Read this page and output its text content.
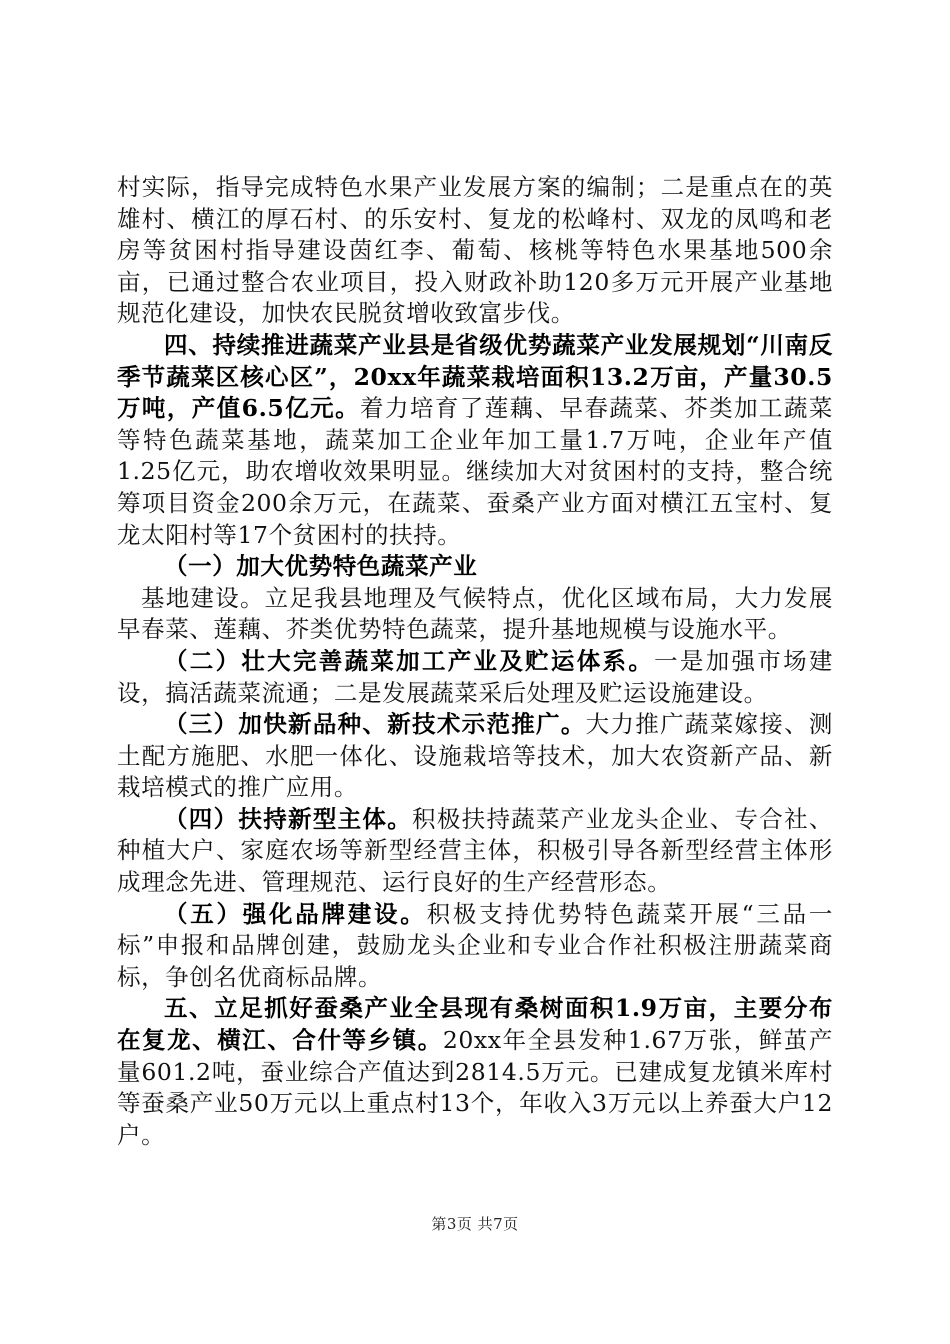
村实际，指导完成特色水果产业发展方案的编制；二是重点在的英雄村、横江的厚石村、的乐安村、复龙的松峰村、双龙的凤鸣和老房等贫困村指导建设茵红李、葡萄、核桃等特色水果基地500余亩，已通过整合农业项目，投入财政补助120多万元开展产业基地规范化建设，加快农民脱贫增收致富步伐。

四、持续推进蔬菜产业县是省级优势蔬菜产业发展规划“川南反季节蔬菜区核心区”，20xx年蔬菜栽培面积13.2万亩，产量30.5万吨，产值6.5亿元。着力培育了莲藕、早春蔬菜、芥类加工蔬菜等特色蔬菜基地，蔬菜加工企业年加工量1.7万吨，企业年产值1.25亿元，助农增收效果明显。继续加大对贫困村的支持，整合统筹项目资金200余万元，在蔬菜、蚕桑产业方面对横江五宝村、复龙太阳村等17个贫困村的扶持。

（一）加大优势特色蔬菜产业

基地建设。立足我县地理及气候特点，优化区域布局，大力发展早春菜、莲藕、芥类优势特色蔬菜，提升基地规模与设施水平。

（二）壮大完善蔬菜加工产业及贮运体系。一是加强市场建设，搞活蔬菜流通；二是发展蔬菜采后处理及贮运设施建设。

（三）加快新品种、新技术示范推广。大力推广蔬菜嫁接、测土配方施肥、水肥一体化、设施栽培等技术，加大农资新产品、新栽培模式的推广应用。

（四）扶持新型主体。积极扶持蔬菜产业龙头企业、专合社、种植大户、家庭农场等新型经营主体，积极引导各新型经营主体形成理念先进、管理规范、运行良好的生产经营形态。

（五）强化品牌建设。积极支持优势特色蔬菜开展“三品一标”申报和品牌创建，鼓励龙头企业和专业合作社积极注册蔬菜商标，争创名优商标品牌。

五、立足抓好蚕桑产业全县现有桑树面积1.9万亩，主要分布在复龙、横江、合什等乡镇。20xx年全县发种1.67万张，鲜茧产量601.2吨，蚕业综合产值达到2814.5万元。已建成复龙镇米库村等蚕桑产业50万元以上重点村13个，年收入3万元以上养蚕大户12户。

第3页 共7页
